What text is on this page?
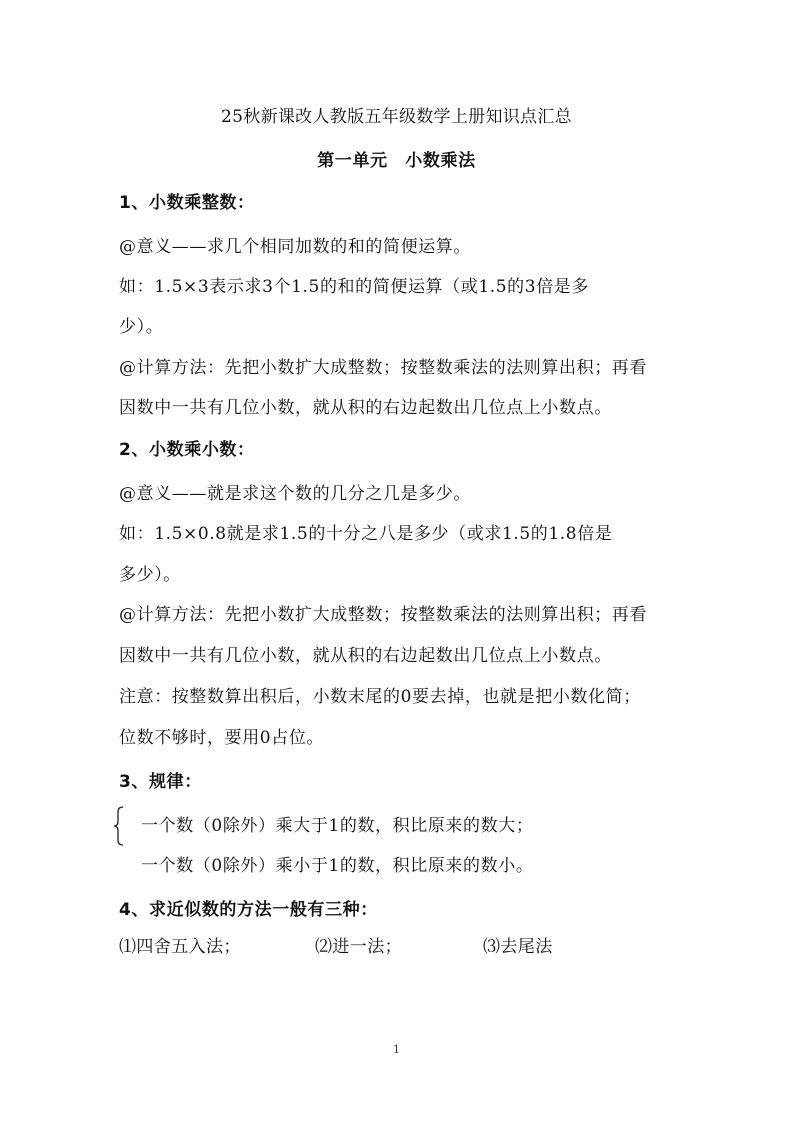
25秋新课改人教版五年级数学上册知识点汇总
第一单元　小数乘法
1、小数乘整数：
@意义——求几个相同加数的和的简便运算。
如：1.5×3表示求3个1.5的和的简便运算（或1.5的3倍是多
少）。
@计算方法：先把小数扩大成整数；按整数乘法的法则算出积；再看
因数中一共有几位小数，就从积的右边起数出几位点上小数点。
2、小数乘小数：
@意义——就是求这个数的几分之几是多少。
如：1.5×0.8就是求1.5的十分之八是多少（或求1.5的1.8倍是
多少）。
@计算方法：先把小数扩大成整数；按整数乘法的法则算出积；再看
因数中一共有几位小数，就从积的右边起数出几位点上小数点。
注意：按整数算出积后，小数末尾的0要去掉，也就是把小数化简；
位数不够时，要用0占位。
3、规律：
一个数（0除外）乘大于1的数，积比原来的数大；
一个数（0除外）乘小于1的数，积比原来的数小。
4、求近似数的方法一般有三种：
⑴四舍五入法；	⑵进一法；	⑶去尾法
1
